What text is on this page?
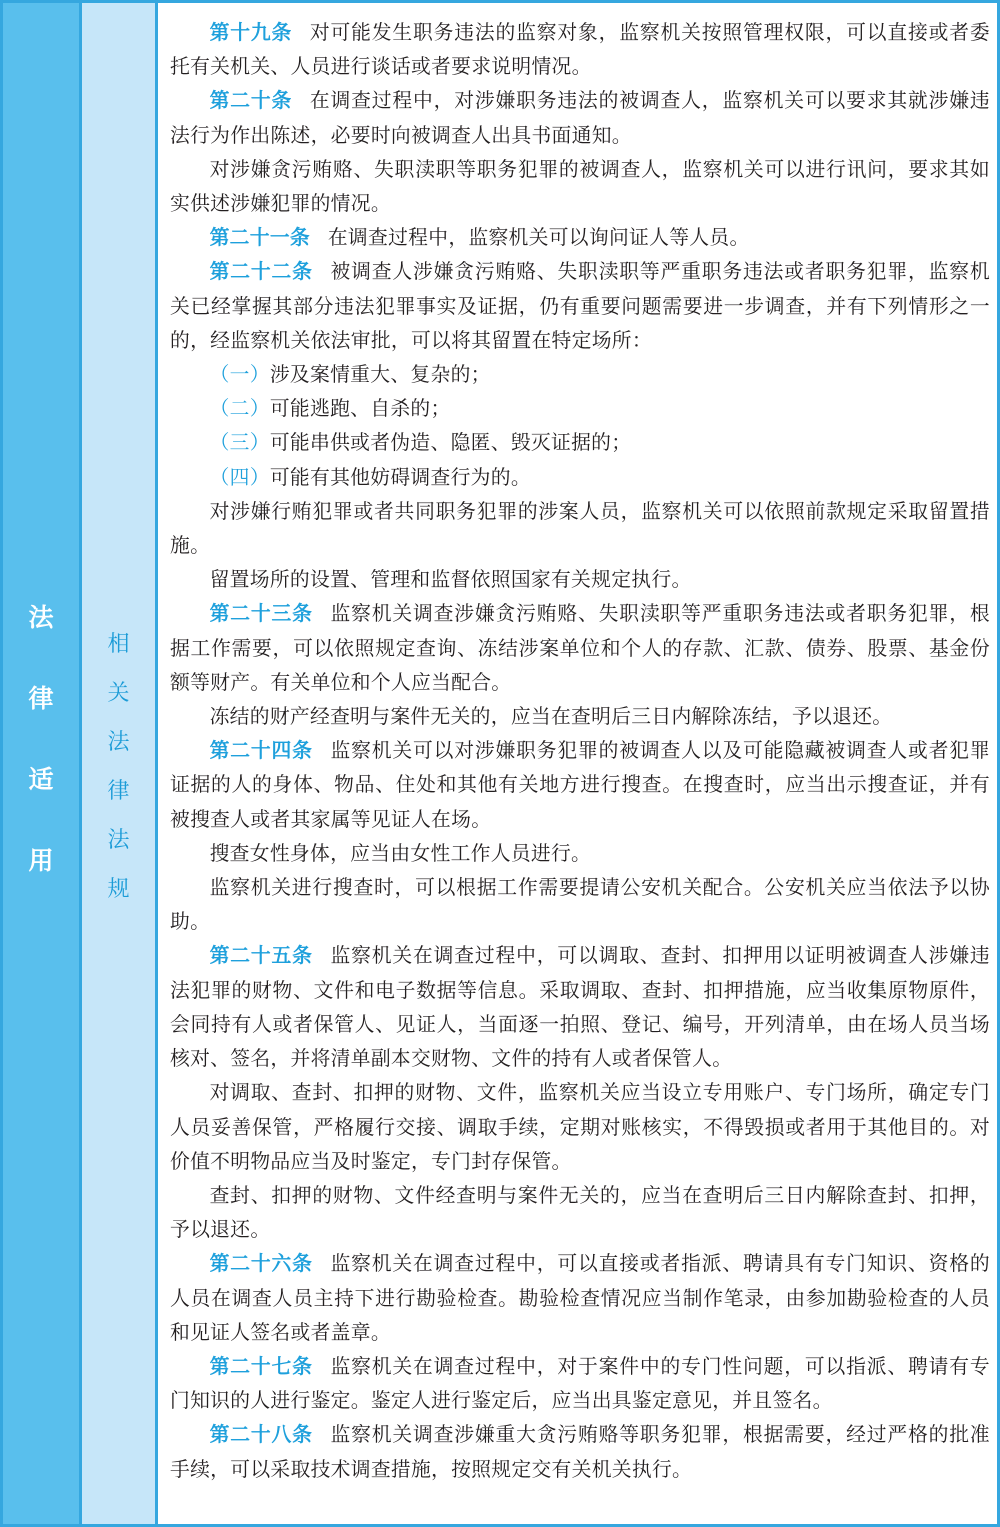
法
律
适
用
相
关
法
律
法
规

第十九条 对可能发生职务违法的监察对象，监察机关按照管理权限，可以直接或者委托有关机关、人员进行谈话或者要求说明情况。

第二十条 在调查过程中，对涉嫌职务违法的被调查人，监察机关可以要求其就涉嫌违法行为作出陈述，必要时向被调查人出具书面通知。

对涉嫌贪污贿赂、失职渎职等职务犯罪的被调查人，监察机关可以进行讯问，要求其如实供述涉嫌犯罪的情况。

第二十一条 在调查过程中，监察机关可以询问证人等人员。

第二十二条 被调查人涉嫌贪污贿赂、失职渎职等严重职务违法或者职务犯罪，监察机关已经掌握其部分违法犯罪事实及证据，仍有重要问题需要进一步调查，并有下列情形之一的，经监察机关依法审批，可以将其留置在特定场所：

（一）涉及案情重大、复杂的；

（二）可能逃跑、自杀的；

（三）可能串供或者伪造、隐匿、毁灭证据的；

（四）可能有其他妨碍调查行为的。

对涉嫌行贿犯罪或者共同职务犯罪的涉案人员，监察机关可以依照前款规定采取留置措施。

留置场所的设置、管理和监督依照国家有关规定执行。

第二十三条 监察机关调查涉嫌贪污贿赂、失职渎职等严重职务违法或者职务犯罪，根据工作需要，可以依照规定查询、冻结涉案单位和个人的存款、汇款、债券、股票、基金份额等财产。有关单位和个人应当配合。

冻结的财产经查明与案件无关的，应当在查明后三日内解除冻结，予以退还。

第二十四条 监察机关可以对涉嫌职务犯罪的被调查人以及可能隐藏被调查人或者犯罪证据的人的身体、物品、住处和其他有关地方进行搜查。在搜查时，应当出示搜查证，并有被搜查人或者其家属等见证人在场。

搜查女性身体，应当由女性工作人员进行。

监察机关进行搜查时，可以根据工作需要提请公安机关配合。公安机关应当依法予以协助。

第二十五条 监察机关在调查过程中，可以调取、查封、扣押用以证明被调查人涉嫌违法犯罪的财物、文件和电子数据等信息。采取调取、查封、扣押措施，应当收集原物原件，会同持有人或者保管人、见证人，当面逐一拍照、登记、编号，开列清单，由在场人员当场核对、签名，并将清单副本交财物、文件的持有人或者保管人。

对调取、查封、扣押的财物、文件，监察机关应当设立专用账户、专门场所，确定专门人员妥善保管，严格履行交接、调取手续，定期对账核实，不得毁损或者用于其他目的。对价值不明物品应当及时鉴定，专门封存保管。

查封、扣押的财物、文件经查明与案件无关的，应当在查明后三日内解除查封、扣押，予以退还。

第二十六条 监察机关在调查过程中，可以直接或者指派、聘请具有专门知识、资格的人员在调查人员主持下进行勘验检查。勘验检查情况应当制作笔录，由参加勘验检查的人员和见证人签名或者盖章。

第二十七条 监察机关在调查过程中，对于案件中的专门性问题，可以指派、聘请有专门知识的人进行鉴定。鉴定人进行鉴定后，应当出具鉴定意见，并且签名。

第二十八条 监察机关调查涉嫌重大贪污贿赂等职务犯罪，根据需要，经过严格的批准手续，可以采取技术调查措施，按照规定交有关机关执行。
